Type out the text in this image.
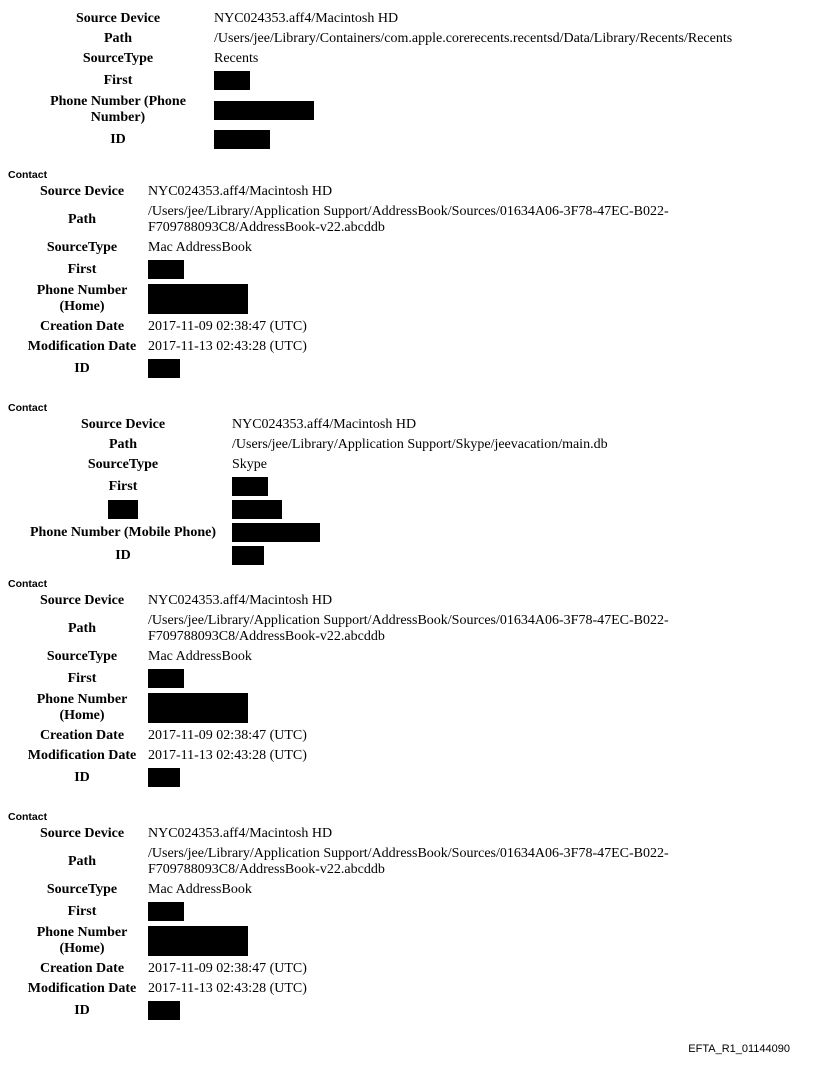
Source Device	NYC024353.aff4/Macintosh HD
Path	/Users/jee/Library/Containers/com.apple.corerecents.recentsd/Data/Library/Recents/Recents
SourceType	Recents
First	
Phone Number (Phone Number)	
ID	
Contact
Source Device	NYC024353.aff4/Macintosh HD
Path	/Users/jee/Library/Application Support/AddressBook/Sources/01634A06-3F78-47EC-B022-F709788093C8/AddressBook-v22.abcddb
SourceType	Mac AddressBook
First	
Phone Number (Home)	
Creation Date	2017-11-09 02:38:47 (UTC)
Modification Date	2017-11-13 02:43:28 (UTC)
ID	
Contact
Source Device	NYC024353.aff4/Macintosh HD
Path	/Users/jee/Library/Application Support/Skype/jeevacation/main.db
SourceType	Skype
First	

Phone Number (Mobile Phone)	
ID	
Contact
Source Device	NYC024353.aff4/Macintosh HD
Path	/Users/jee/Library/Application Support/AddressBook/Sources/01634A06-3F78-47EC-B022-F709788093C8/AddressBook-v22.abcddb
SourceType	Mac AddressBook
First	
Phone Number (Home)	
Creation Date	2017-11-09 02:38:47 (UTC)
Modification Date	2017-11-13 02:43:28 (UTC)
ID	
Contact
Source Device	NYC024353.aff4/Macintosh HD
Path	/Users/jee/Library/Application Support/AddressBook/Sources/01634A06-3F78-47EC-B022-F709788093C8/AddressBook-v22.abcddb
SourceType	Mac AddressBook
First	
Phone Number (Home)	
Creation Date	2017-11-09 02:38:47 (UTC)
Modification Date	2017-11-13 02:43:28 (UTC)
ID	
EFTA_R1_01144090
